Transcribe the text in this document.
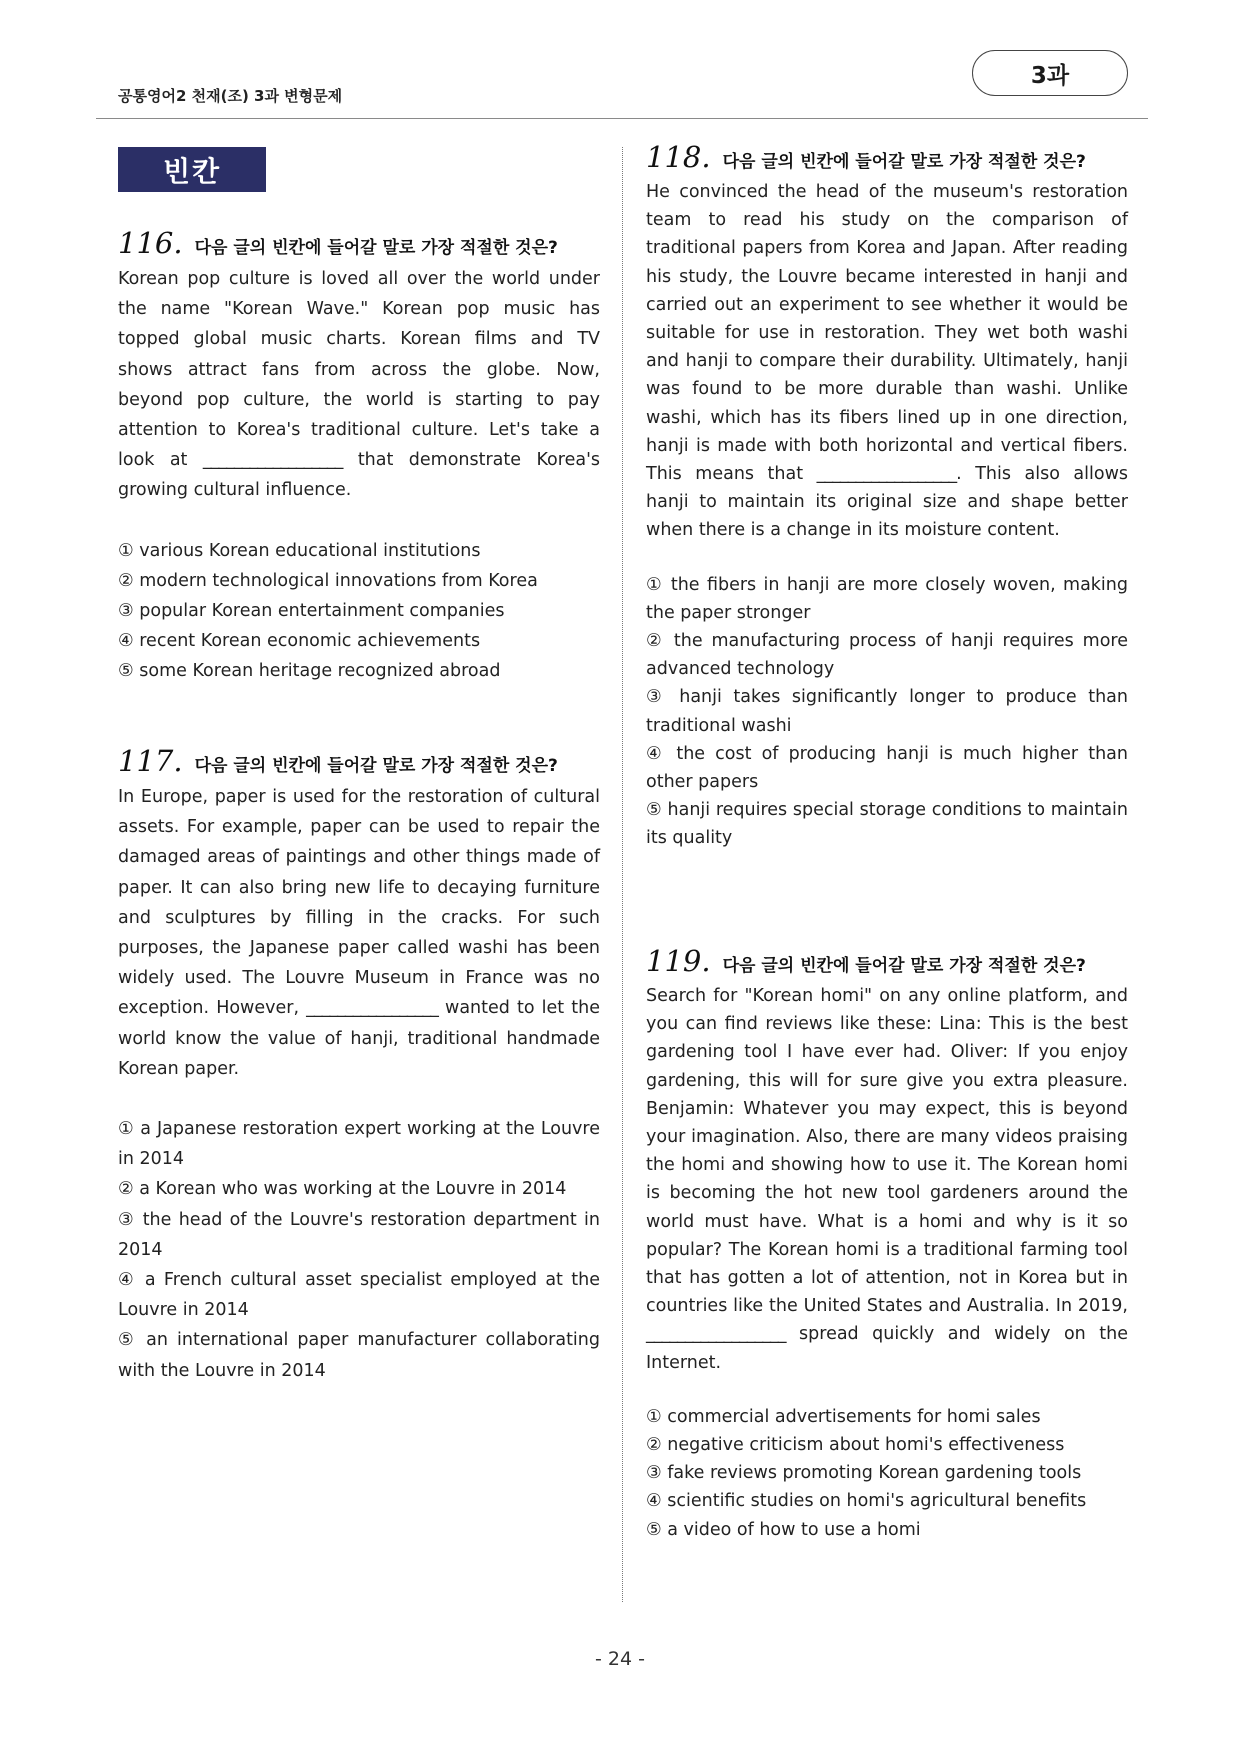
공통영어2 천재(조) 3과 변형문제
3과
빈칸
116. 다음 글의 빈칸에 들어갈 말로 가장 적절한 것은?

Korean pop culture is loved all over the world under the name "Korean Wave." Korean pop music has topped global music charts. Korean films and TV shows attract fans from across the globe. Now, beyond pop culture, the world is starting to pay attention to Korea's traditional culture. Let's take a look at __________________ that demonstrate Korea's growing cultural influence.

① various Korean educational institutions
② modern technological innovations from Korea
③ popular Korean entertainment companies
④ recent Korean economic achievements
⑤ some Korean heritage recognized abroad
117. 다음 글의 빈칸에 들어갈 말로 가장 적절한 것은?

In Europe, paper is used for the restoration of cultural assets. For example, paper can be used to repair the damaged areas of paintings and other things made of paper. It can also bring new life to decaying furniture and sculptures by filling in the cracks. For such purposes, the Japanese paper called washi has been widely used. The Louvre Museum in France was no exception. However, _________________ wanted to let the world know the value of hanji, traditional handmade Korean paper.

① a Japanese restoration expert working at the Louvre in 2014
② a Korean who was working at the Louvre in 2014
③ the head of the Louvre's restoration department in 2014
④ a French cultural asset specialist employed at the Louvre in 2014
⑤ an international paper manufacturer collaborating with the Louvre in 2014
118. 다음 글의 빈칸에 들어갈 말로 가장 적절한 것은?

He convinced the head of the museum's restoration team to read his study on the comparison of traditional papers from Korea and Japan. After reading his study, the Louvre became interested in hanji and carried out an experiment to see whether it would be suitable for use in restoration. They wet both washi and hanji to compare their durability. Ultimately, hanji was found to be more durable than washi. Unlike washi, which has its fibers lined up in one direction, hanji is made with both horizontal and vertical fibers. This means that __________________. This also allows hanji to maintain its original size and shape better when there is a change in its moisture content.

① the fibers in hanji are more closely woven, making the paper stronger
② the manufacturing process of hanji requires more advanced technology
③ hanji takes significantly longer to produce than traditional washi
④ the cost of producing hanji is much higher than other papers
⑤ hanji requires special storage conditions to maintain its quality
119. 다음 글의 빈칸에 들어갈 말로 가장 적절한 것은?

Search for "Korean homi" on any online platform, and you can find reviews like these: Lina: This is the best gardening tool I have ever had. Oliver: If you enjoy gardening, this will for sure give you extra pleasure. Benjamin: Whatever you may expect, this is beyond your imagination. Also, there are many videos praising the homi and showing how to use it. The Korean homi is becoming the hot new tool gardeners around the world must have. What is a homi and why is it so popular? The Korean homi is a traditional farming tool that has gotten a lot of attention, not in Korea but in countries like the United States and Australia. In 2019, __________________ spread quickly and widely on the Internet.

① commercial advertisements for homi sales
② negative criticism about homi's effectiveness
③ fake reviews promoting Korean gardening tools
④ scientific studies on homi's agricultural benefits
⑤ a video of how to use a homi
- 24 -
